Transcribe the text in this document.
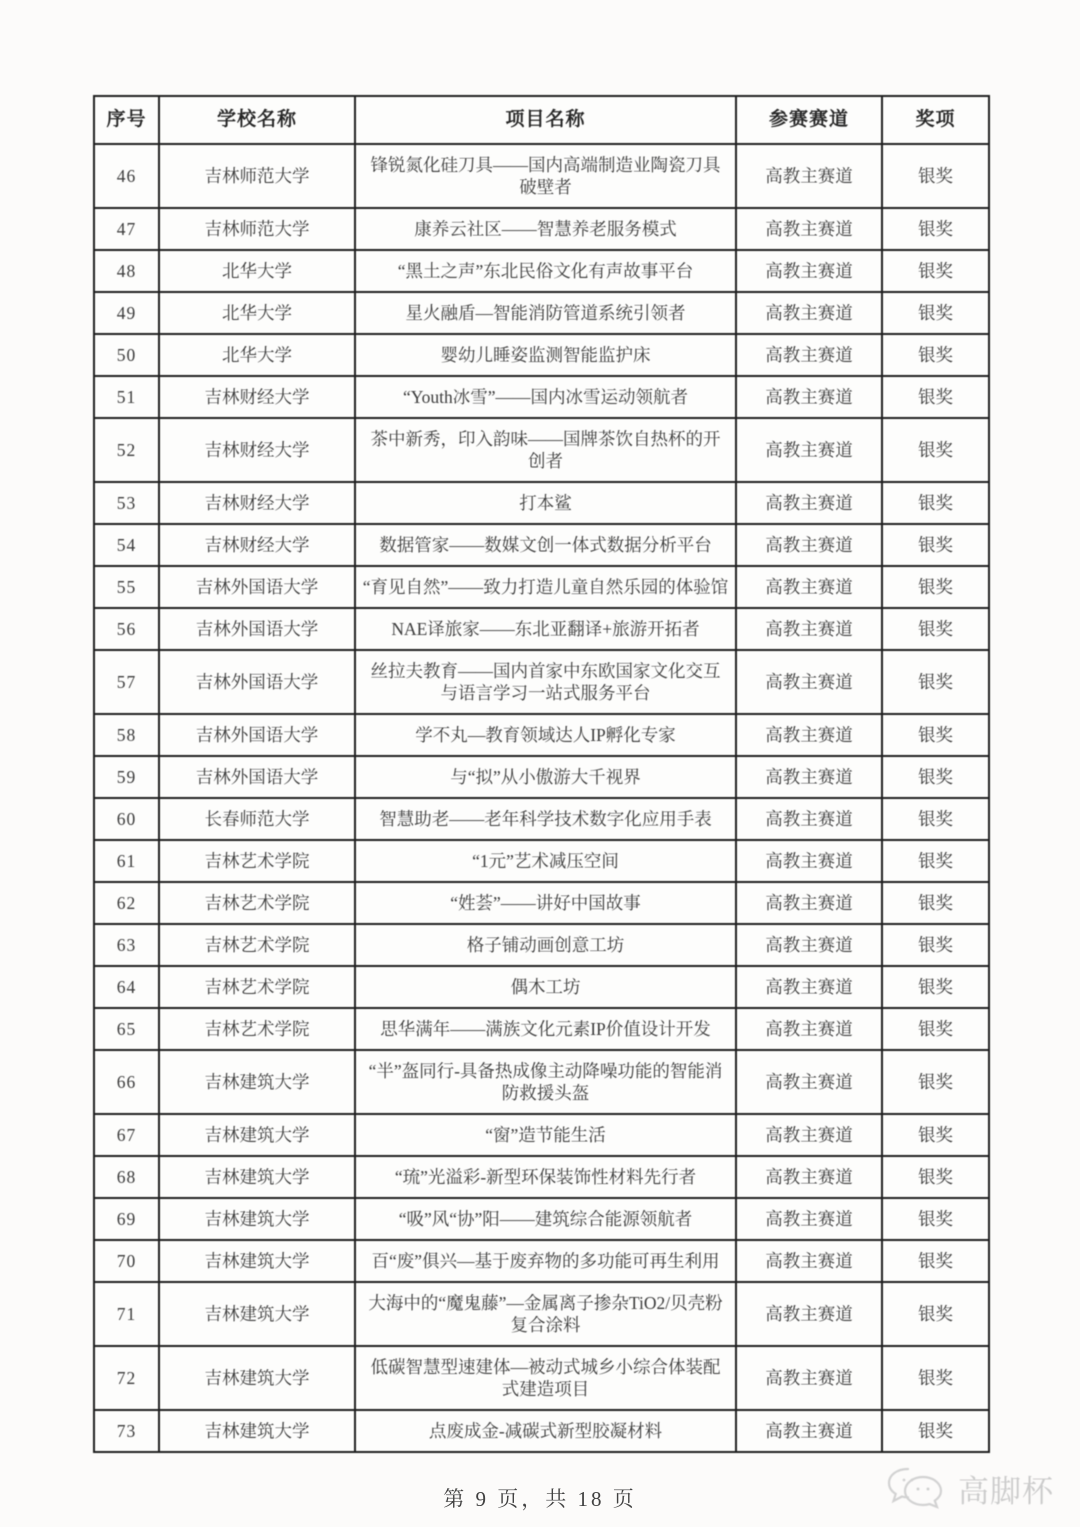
序号	学校名称	项目名称	参赛赛道	奖项
46	吉林师范大学	锋锐氮化硅刀具——国内高端制造业陶瓷刀具破壁者	高教主赛道	银奖
47	吉林师范大学	康养云社区——智慧养老服务模式	高教主赛道	银奖
48	北华大学	“黑土之声”东北民俗文化有声故事平台	高教主赛道	银奖
49	北华大学	星火融盾—智能消防管道系统引领者	高教主赛道	银奖
50	北华大学	婴幼儿睡姿监测智能监护床	高教主赛道	银奖
51	吉林财经大学	“Youth冰雪”——国内冰雪运动领航者	高教主赛道	银奖
52	吉林财经大学	茶中新秀，印入韵味——国牌茶饮自热杯的开创者	高教主赛道	银奖
53	吉林财经大学	打本鲨	高教主赛道	银奖
54	吉林财经大学	数据管家——数媒文创一体式数据分析平台	高教主赛道	银奖
55	吉林外国语大学	“育见自然”——致力打造儿童自然乐园的体验馆	高教主赛道	银奖
56	吉林外国语大学	NAE译旅家——东北亚翻译+旅游开拓者	高教主赛道	银奖
57	吉林外国语大学	丝拉夫教育——国内首家中东欧国家文化交互与语言学习一站式服务平台	高教主赛道	银奖
58	吉林外国语大学	学不丸—教育领域达人IP孵化专家	高教主赛道	银奖
59	吉林外国语大学	与“拟”从小傲游大千视界	高教主赛道	银奖
60	长春师范大学	智慧助老——老年科学技术数字化应用手表	高教主赛道	银奖
61	吉林艺术学院	“1元”艺术减压空间	高教主赛道	银奖
62	吉林艺术学院	“姓荟”——讲好中国故事	高教主赛道	银奖
63	吉林艺术学院	格子铺动画创意工坊	高教主赛道	银奖
64	吉林艺术学院	偶木工坊	高教主赛道	银奖
65	吉林艺术学院	思华满年——满族文化元素IP价值设计开发	高教主赛道	银奖
66	吉林建筑大学	“半”盔同行-具备热成像主动降噪功能的智能消防救援头盔	高教主赛道	银奖
67	吉林建筑大学	“窗”造节能生活	高教主赛道	银奖
68	吉林建筑大学	“琉”光溢彩-新型环保装饰性材料先行者	高教主赛道	银奖
69	吉林建筑大学	“吸”风“协”阳——建筑综合能源领航者	高教主赛道	银奖
70	吉林建筑大学	百“废”俱兴—基于废弃物的多功能可再生利用	高教主赛道	银奖
71	吉林建筑大学	大海中的“魔鬼藤”—金属离子掺杂TiO2/贝壳粉复合涂料	高教主赛道	银奖
72	吉林建筑大学	低碳智慧型速建体—被动式城乡小综合体装配式建造项目	高教主赛道	银奖
73	吉林建筑大学	点废成金-减碳式新型胶凝材料	高教主赛道	银奖
第 9 页，共 18 页	高脚杯
